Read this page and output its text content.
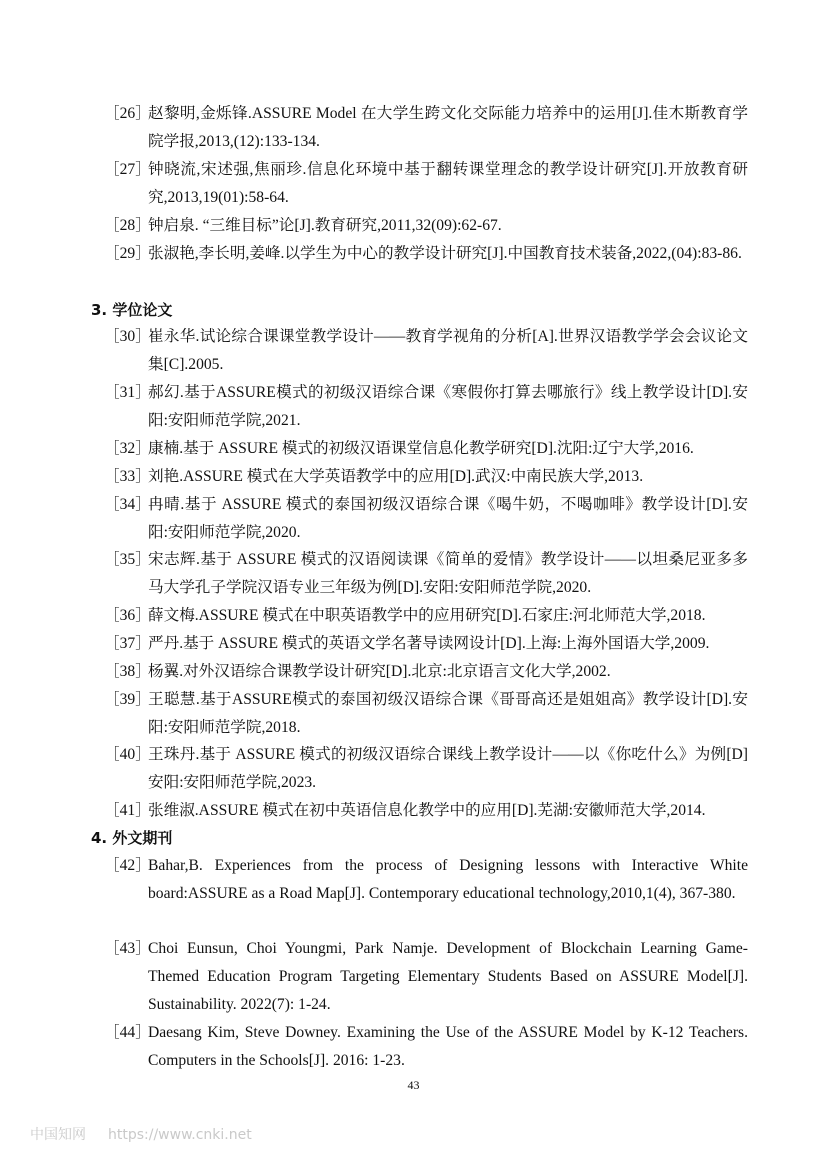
［26］
赵黎明,金烁锋.ASSURE Model 在大学生跨文化交际能力培养中的运用[J].佳木斯教育学院学报,2013,(12):133-134.
［27］
钟晓流,宋述强,焦丽珍.信息化环境中基于翻转课堂理念的教学设计研究[J].开放教育研究,2013,19(01):58-64.
［28］
钟启泉. “三维目标”论[J].教育研究,2011,32(09):62-67.
［29］
张淑艳,李长明,姜峰.以学生为中心的教学设计研究[J].中国教育技术装备,2022,(04):83-86.
3. 学位论文
［30］
崔永华.试论综合课课堂教学设计——教育学视角的分析[A].世界汉语教学学会会议论文集[C].2005.
［31］
郝幻.基于ASSURE模式的初级汉语综合课《寒假你打算去哪旅行》线上教学设计[D].安阳:安阳师范学院,2021.
［32］
康楠.基于 ASSURE 模式的初级汉语课堂信息化教学研究[D].沈阳:辽宁大学,2016.
［33］
刘艳.ASSURE 模式在大学英语教学中的应用[D].武汉:中南民族大学,2013.
［34］
冉晴.基于 ASSURE 模式的泰国初级汉语综合课《喝牛奶，不喝咖啡》教学设计[D].安阳:安阳师范学院,2020.
［35］
宋志辉.基于 ASSURE 模式的汉语阅读课《简单的爱情》教学设计——以坦桑尼亚多多马大学孔子学院汉语专业三年级为例[D].安阳:安阳师范学院,2020.
［36］
薛文梅.ASSURE 模式在中职英语教学中的应用研究[D].石家庄:河北师范大学,2018.
［37］
严丹.基于 ASSURE 模式的英语文学名著导读网设计[D].上海:上海外国语大学,2009.
［38］
杨翼.对外汉语综合课教学设计研究[D].北京:北京语言文化大学,2002.
［39］
王聪慧.基于ASSURE模式的泰国初级汉语综合课《哥哥高还是姐姐高》教学设计[D].安阳:安阳师范学院,2018.
［40］
王珠丹.基于 ASSURE 模式的初级汉语综合课线上教学设计——以《你吃什么》为例[D]安阳:安阳师范学院,2023.
［41］
张维淑.ASSURE 模式在初中英语信息化教学中的应用[D].芜湖:安徽师范大学,2014.
4. 外文期刊
［42］
Bahar,B. Experiences from the process of Designing lessons with Interactive White board:ASSURE as a Road Map[J]. Contemporary educational technology,2010,1(4), 367-380.
［43］
Choi Eunsun, Choi Youngmi, Park Namje. Development of Blockchain Learning Game-Themed Education Program Targeting Elementary Students Based on ASSURE Model[J]. Sustainability. 2022(7): 1-24.
［44］
Daesang Kim, Steve Downey. Examining the Use of the ASSURE Model by K-12 Teachers. Computers in the Schools[J]. 2016: 1-23.
43
中国知网 https://www.cnki.net
